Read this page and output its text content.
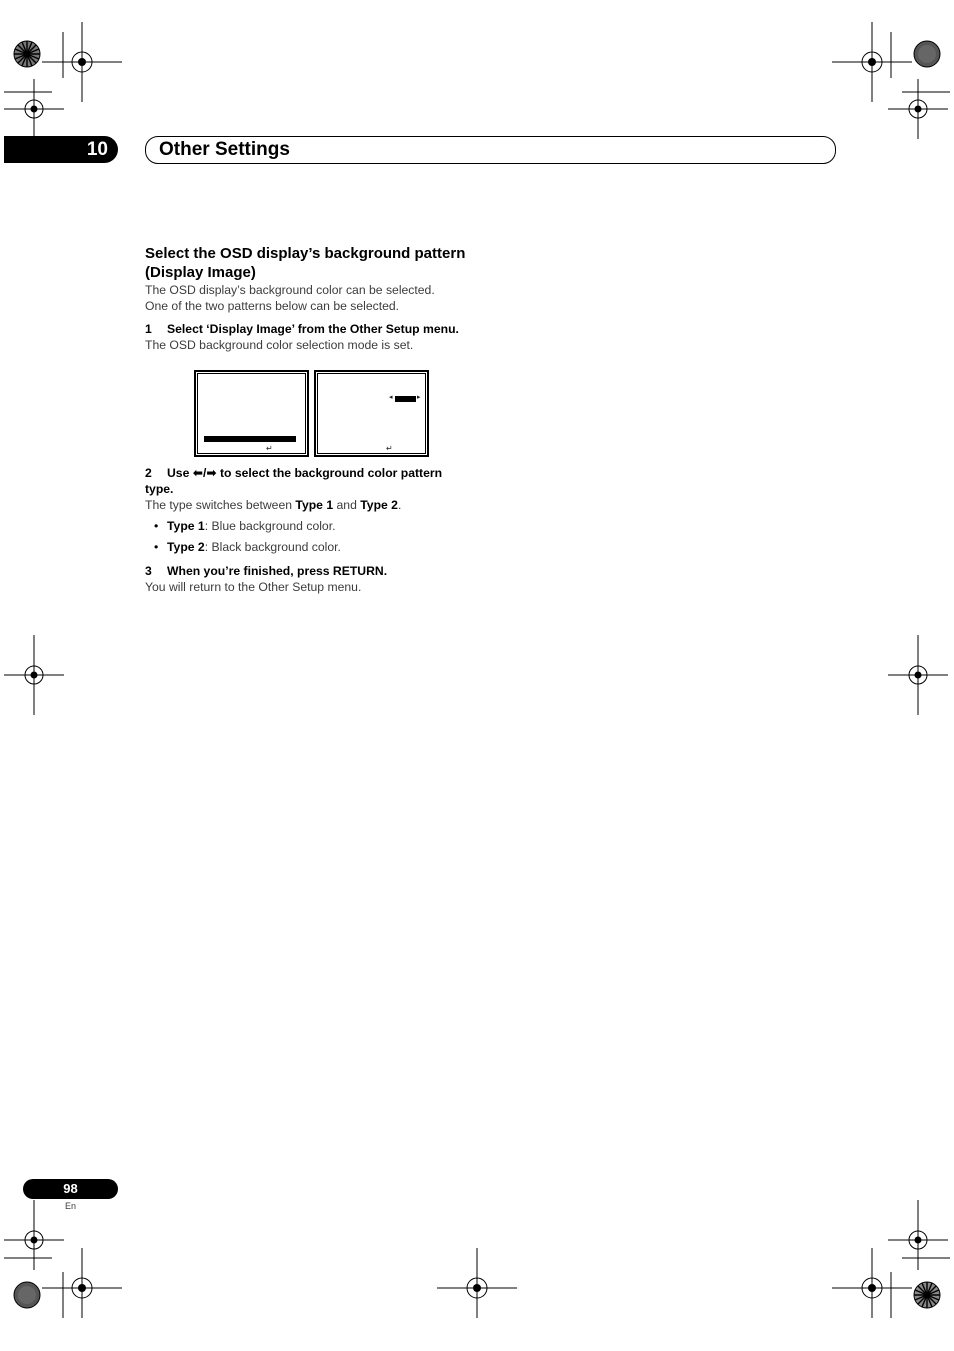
10	Other Settings

Select the OSD display’s background pattern

(Display Image)

The OSD display’s background color can be selected.

One of the two patterns below can be selected.

1 Select ‘Display Image’ from the Other Setup menu.

The OSD background color selection mode is set.

↵
◂	▸
↵

2 Use ⬅/➡ to select the background color pattern

type.

The type switches between Type 1 and Type 2.

• Type 1: Blue background color.
• Type 2: Black background color.

3 When you’re finished, press RETURN.

You will return to the Other Setup menu.

98
En
